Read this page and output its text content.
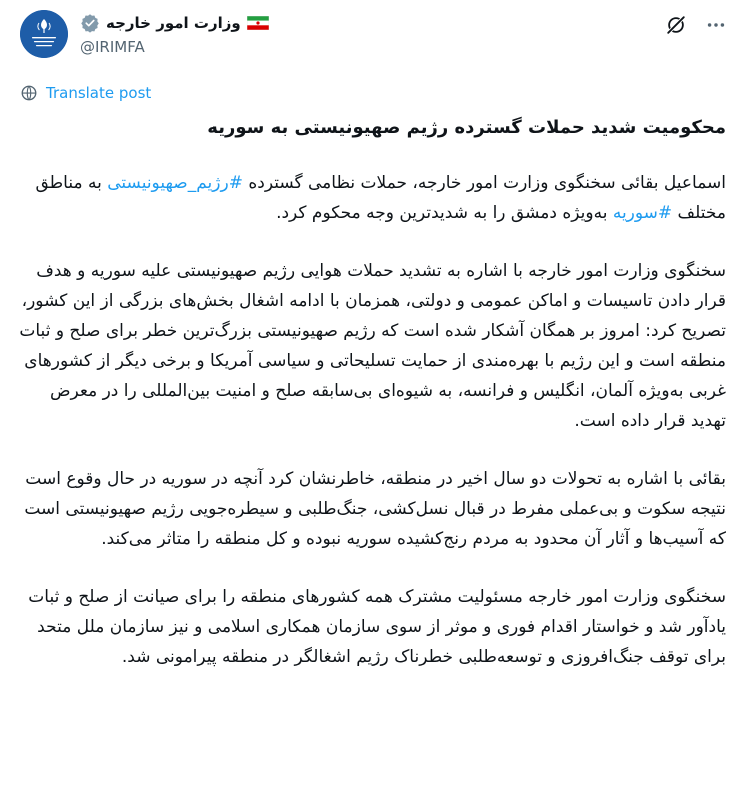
وزارت امور خارجه
@IRIMFA
Translate post
محکومیت شدید حملات گسترده رژیم صهیونیستی به سوریه

اسماعیل بقائی سخنگوی وزارت امور خارجه، حملات نظامی گسترده #رژیم_صهیونیستی به مناطق مختلف #سوریه به‌ویژه دمشق را به شدیدترین وجه محکوم کرد.

سخنگوی وزارت امور خارجه با اشاره به تشدید حملات هوایی رژیم صهیونیستی علیه سوریه و هدف قرار دادن تاسیسات و اماکن عمومی و دولتی، همزمان با ادامه اشغال بخش‌های بزرگی از این کشور، تصریح کرد: امروز بر همگان آشکار شده است که رژیم صهیونیستی بزرگ‌ترین خطر برای صلح و ثبات منطقه است و این رژیم با بهره‌مندی از حمایت تسلیحاتی و سیاسی آمریکا و برخی دیگر از کشورهای غربی به‌ویژه آلمان، انگلیس و فرانسه، به شیوه‌ای بی‌سابقه صلح و امنیت بین‌المللی را در معرض تهدید قرار داده است.

بقائی با اشاره به تحولات دو سال اخیر در منطقه، خاطرنشان کرد آنچه در سوریه در حال وقوع است نتیجه سکوت و بی‌عملی مفرط در قبال نسل‌کشی، جنگ‌طلبی و سیطره‌جویی رژیم صهیونیستی است که آسیب‌ها و آثار آن محدود به مردم رنج‌کشیده سوریه نبوده و کل منطقه را متاثر می‌کند.

سخنگوی وزارت امور خارجه مسئولیت مشترک همه کشورهای منطقه را برای صیانت از صلح و ثبات یادآور شد و خواستار اقدام فوری و موثر از سوی سازمان همکاری اسلامی و نیز سازمان ملل متحد برای توقف جنگ‌افروزی و توسعه‌طلبی خطرناک رژیم اشغالگر در منطقه پیرامونی شد.
